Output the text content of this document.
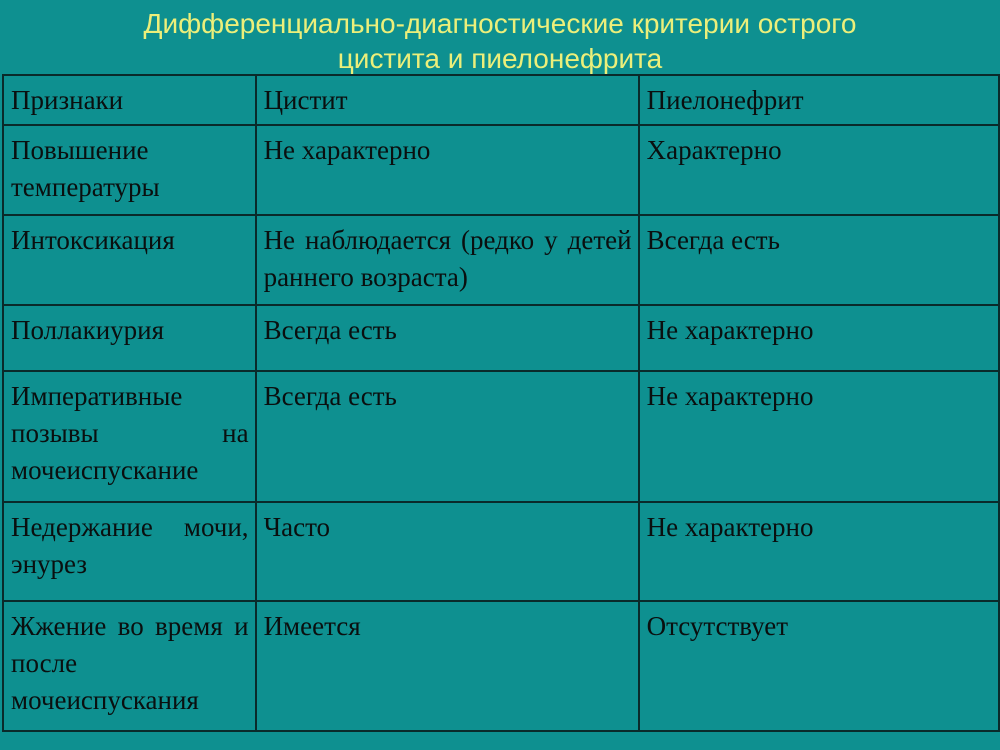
Дифференциально-диагностические критерии острого
цистита и пиелонефрита
Признаки	Цистит	Пиелонефрит
Повышение температуры	Не характерно	Характерно
Интоксикация	Не наблюдается (редко у детей раннего возраста)	Всегда есть
Поллакиурия	Всегда есть	Не характерно
Императивные позывы на мочеиспускание	Всегда есть	Не характерно
Недержание мочи, энурез	Часто	Не характерно
Жжение во время и после мочеиспускания	Имеется	Отсутствует
